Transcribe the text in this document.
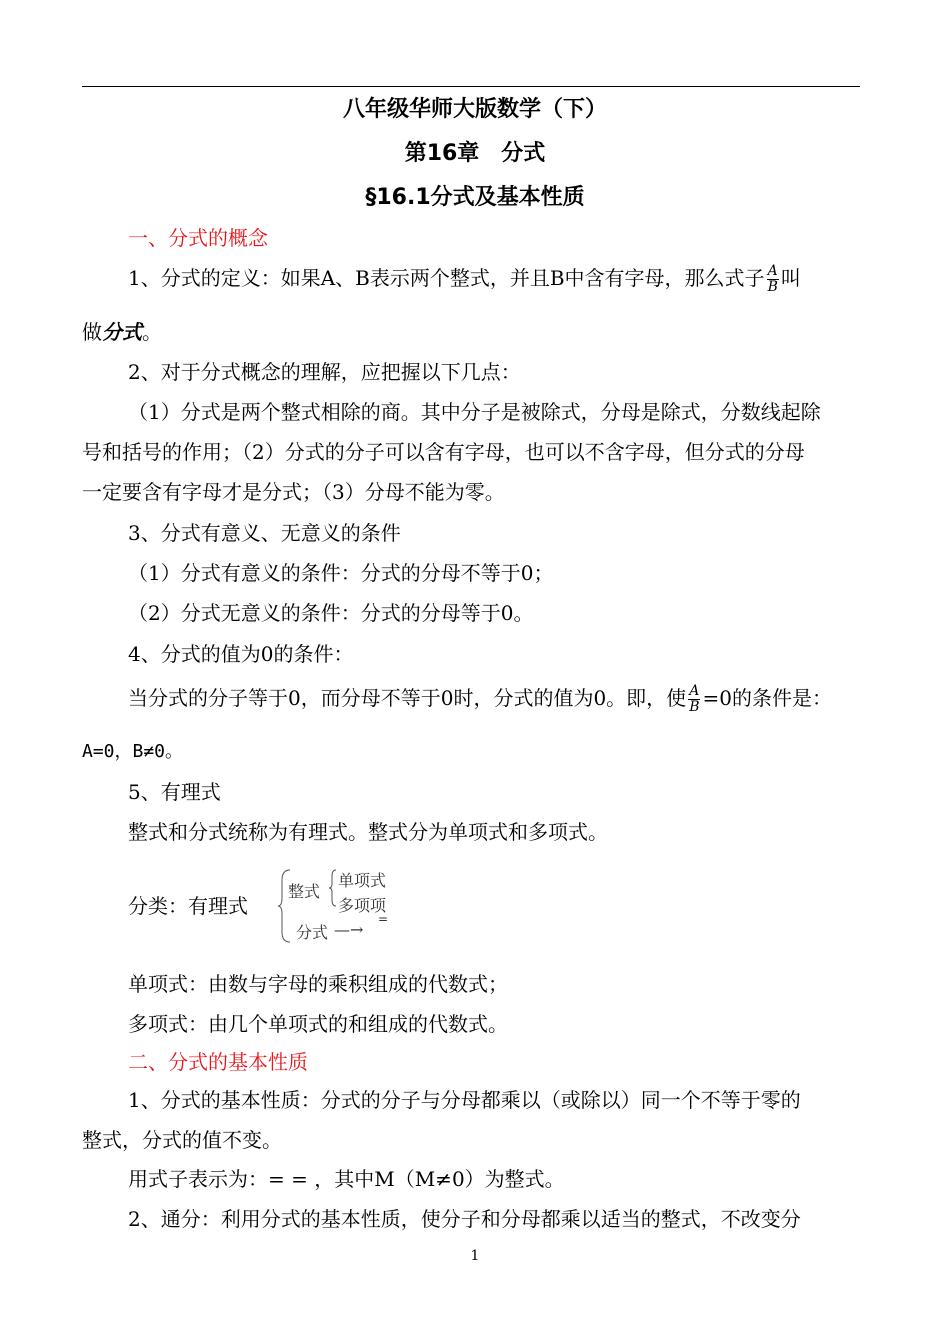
八年级华师大版数学（下）
第16章　分式
§16.1分式及基本性质
一、分式的概念
1、分式的定义：如果A、B表示两个整式，并且B中含有字母，那么式子 $\frac{A}{B}$ 叫
做分式。
2、对于分式概念的理解，应把握以下几点：
（1）分式是两个整式相除的商。其中分子是被除式，分母是除式，分数线起除
号和括号的作用；（2）分式的分子可以含有字母，也可以不含字母，但分式的分母
一定要含有字母才是分式；（3）分母不能为零。
3、分式有意义、无意义的条件
（1）分式有意义的条件：分式的分母不等于0；
（2）分式无意义的条件：分式的分母等于0。
4、分式的值为0的条件：
当分式的分子等于0，而分母不等于0时，分式的值为0。即，使 $\frac{A}{B} =0$的条件是：
A=0，B≠0。
5、有理式
整式和分式统称为有理式。整式分为单项式和多项式。
分类：有理式
整式
单项式
多项项
分式 —→
=
单项式：由数与字母的乘积组成的代数式；
多项式：由几个单项式的和组成的代数式。
二、分式的基本性质
1、分式的基本性质：分式的分子与分母都乘以（或除以）同一个不等于零的
整式，分式的值不变。
用式子表示为：= = ，其中M（M≠0）为整式。
2、通分：利用分式的基本性质，使分子和分母都乘以适当的整式，不改变分
1
